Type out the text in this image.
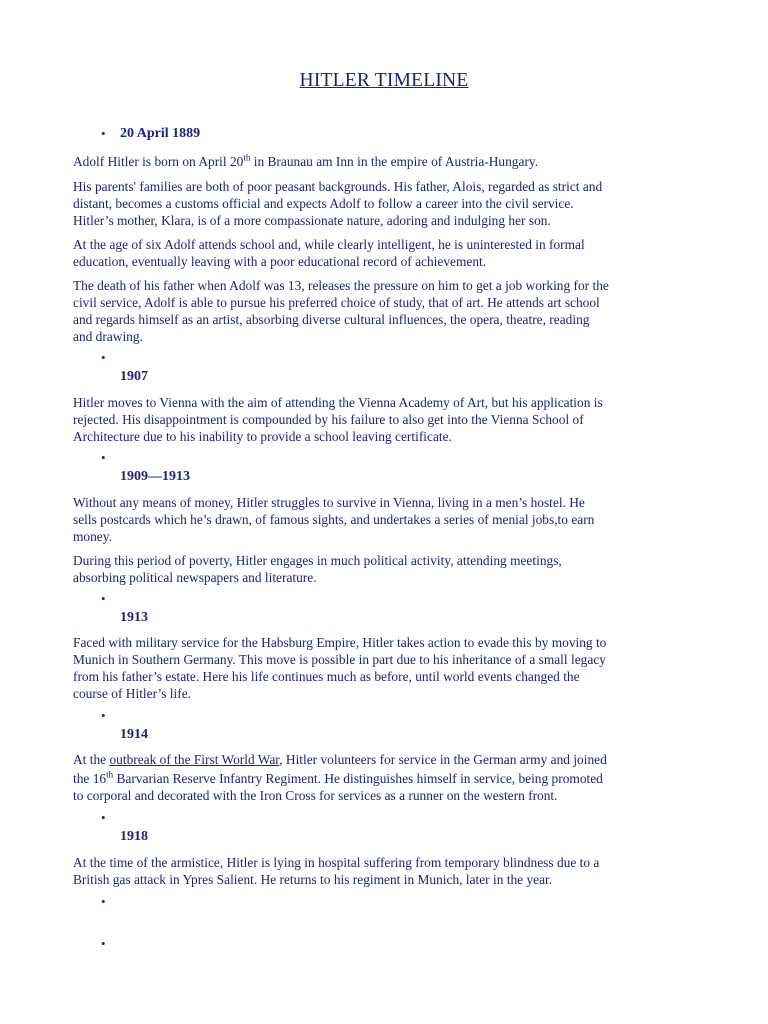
HITLER TIMELINE
• 20 April 1889
Adolf Hitler is born on April 20th in Braunau am Inn in the empire of Austria-Hungary.
His parents' families are both of poor peasant backgrounds. His father, Alois, regarded as strict and
distant, becomes a customs official and expects Adolf to follow a career into the civil service.
Hitler’s mother, Klara, is of a more compassionate nature, adoring and indulging her son.
At the age of six Adolf attends school and, while clearly intelligent, he is uninterested in formal
education, eventually leaving with a poor educational record of achievement.
The death of his father when Adolf was 13, releases the pressure on him to get a job working for the
civil service, Adolf is able to pursue his preferred choice of study, that of art. He attends art school
and regards himself as an artist, absorbing diverse cultural influences, the opera, theatre, reading
and drawing.
•
1907
Hitler moves to Vienna with the aim of attending the Vienna Academy of Art, but his application is
rejected. His disappointment is compounded by his failure to also get into the Vienna School of
Architecture due to his inability to provide a school leaving certificate.
•
1909—1913
Without any means of money, Hitler struggles to survive in Vienna, living in a men’s hostel. He
sells postcards which he’s drawn, of famous sights, and undertakes a series of menial jobs,to earn
money.
During this period of poverty, Hitler engages in much political activity, attending meetings,
absorbing political newspapers and literature.
•
1913
Faced with military service for the Habsburg Empire, Hitler takes action to evade this by moving to
Munich in Southern Germany. This move is possible in part due to his inheritance of a small legacy
from his father’s estate. Here his life continues much as before, until world events changed the
course of Hitler’s life.
•
1914
At the outbreak of the First World War, Hitler volunteers for service in the German army and joined
the 16th Barvarian Reserve Infantry Regiment. He distinguishes himself in service, being promoted
to corporal and decorated with the Iron Cross for services as a runner on the western front.
•
1918
At the time of the armistice, Hitler is lying in hospital suffering from temporary blindness due to a
British gas attack in Ypres Salient. He returns to his regiment in Munich, later in the year.
•
•
